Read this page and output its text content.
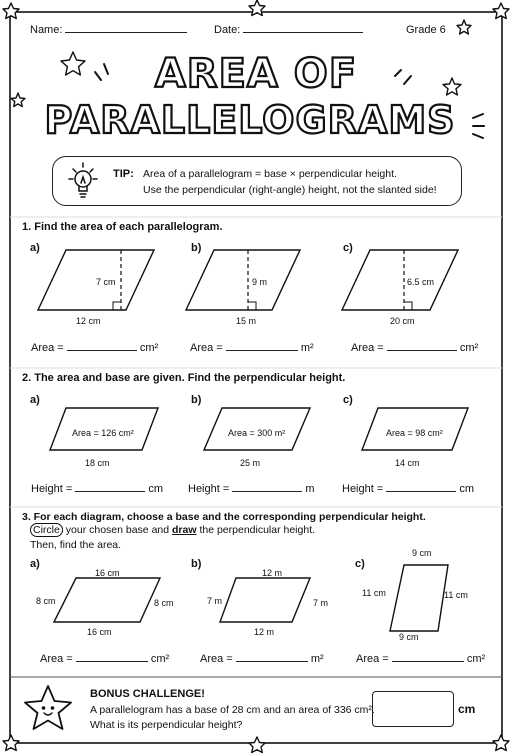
Name:	Date:	Grade 6
AREA OF
PARALLELOGRAMS
TIP: Area of a parallelogram = base × perpendicular height.
Use the perpendicular (right-angle) height, not the slanted side!
1. Find the area of each parallelogram.
a)	b)	c)
7 cm
12 cm
9 m
15 m
6.5 cm
20 cm
Area =	cm²	Area =	m²	Area =	cm²
2. The area and base are given. Find the perpendicular height.
a)	b)	c)
Area = 126 cm²	Area = 300 m²	Area = 98 cm²
18 cm	25 m	14 cm
Height =	cm Height =	m Height =	cm
3. For each diagram, choose a base and the corresponding perpendicular height.
Circle your chosen base and draw the perpendicular height.
Then, find the area.
a)	b)	c)
16 cm
16 cm
8 cm	8 cm
12 m
12 m
7 m	7 m
9 cm
9 cm
11 cm	11 cm
Area =	cm²	Area =	m²	Area =	cm²
BONUS CHALLENGE!
A parallelogram has a base of 28 cm and an area of 336 cm².
What is its perpendicular height?
cm
